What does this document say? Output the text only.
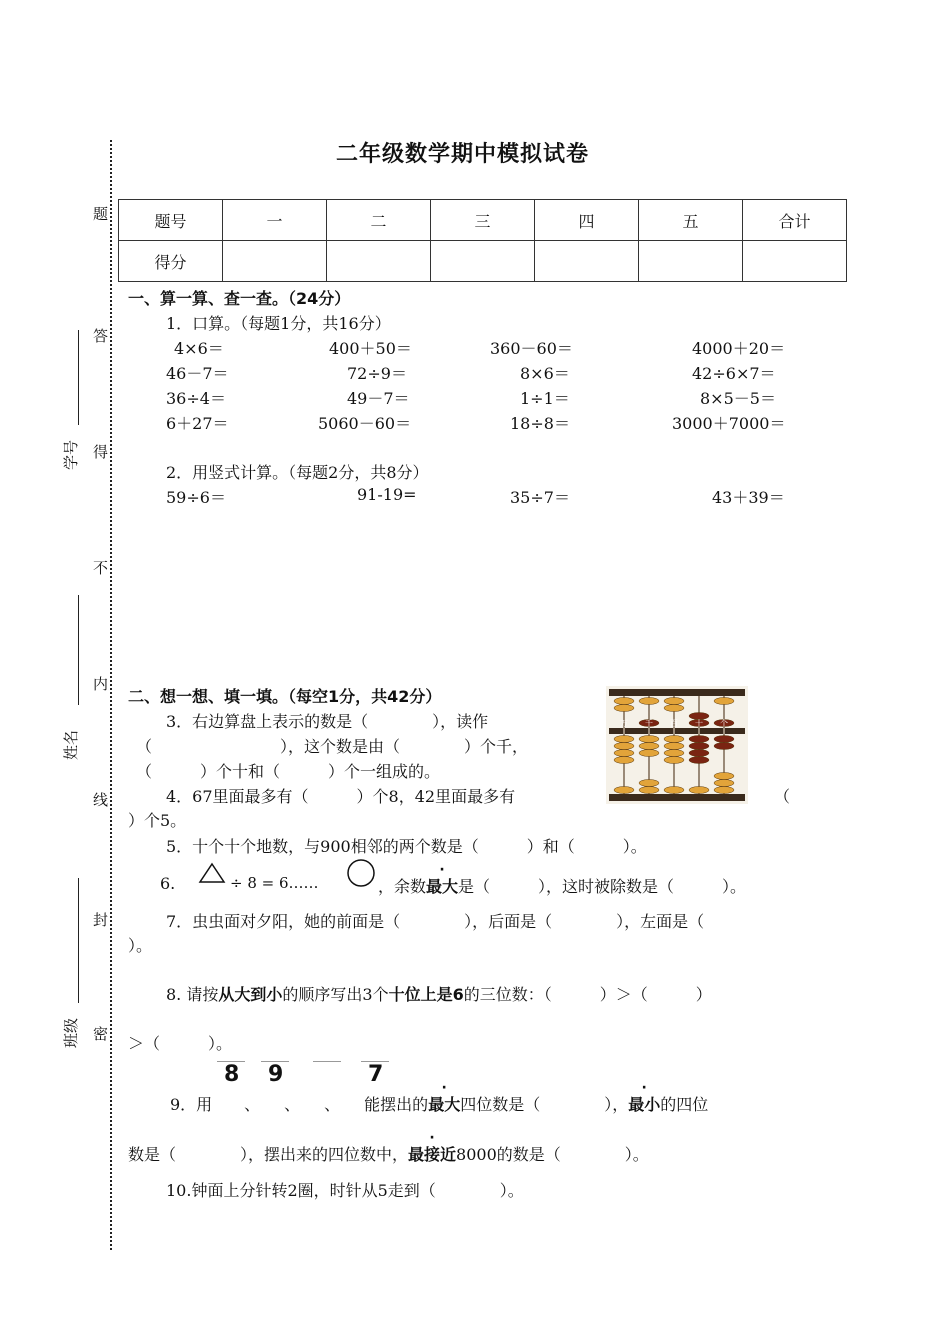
题
答
得
不
内
线
封
密
学号
姓名
班级
二年级数学期中模拟试卷
题号	一	二	三	四	五	合计
得分						
一、算一算、查一查。（24分）
1．口算。（每题1分，共16分）
4×6＝	400＋50＝	360－60＝	4000＋20＝
46－7＝	72÷9＝	8×6＝	42÷6×7＝
36÷4＝	49－7＝	1÷1＝	8×5－5＝
6＋27＝	5060－60＝	18÷8＝	3000＋7000＝
2．用竖式计算。（每题2分，共8分）
59÷6＝	91-19=	35÷7＝	43＋39＝
二、想一想、填一填。（每空1分，共42分）
3．右边算盘上表示的数是（　　　　），读作
（　　　　　　　　），这个数是由（　　　　）个千，
（　　　）个十和（　　　）个一组成的。
万 千 百 十 个
4．67里面最多有（　　　）个8，42里面最多有	（
）个5。
5．十个十个地数，与900相邻的两个数是（　　　）和（　　　）。
6.	÷ 8 = 6……	，余数最大是（　　　），这时被除数是（　　　）。
7．虫虫面对夕阳，她的前面是（　　　　），后面是（　　　　），左面是（
）。
8. 请按从大到小的顺序写出3个十位上是6的三位数：（　　　）＞（　　　）
＞（　　　）。
8 9	7
9．用　　、　　、　　、　　能摆出的最大四位数是（　　　　），最小的四位
数是（　　　　），摆出来的四位数中，最接近8000的数是（　　　　）。
10.钟面上分针转2圈，时针从5走到（　　　　）。
